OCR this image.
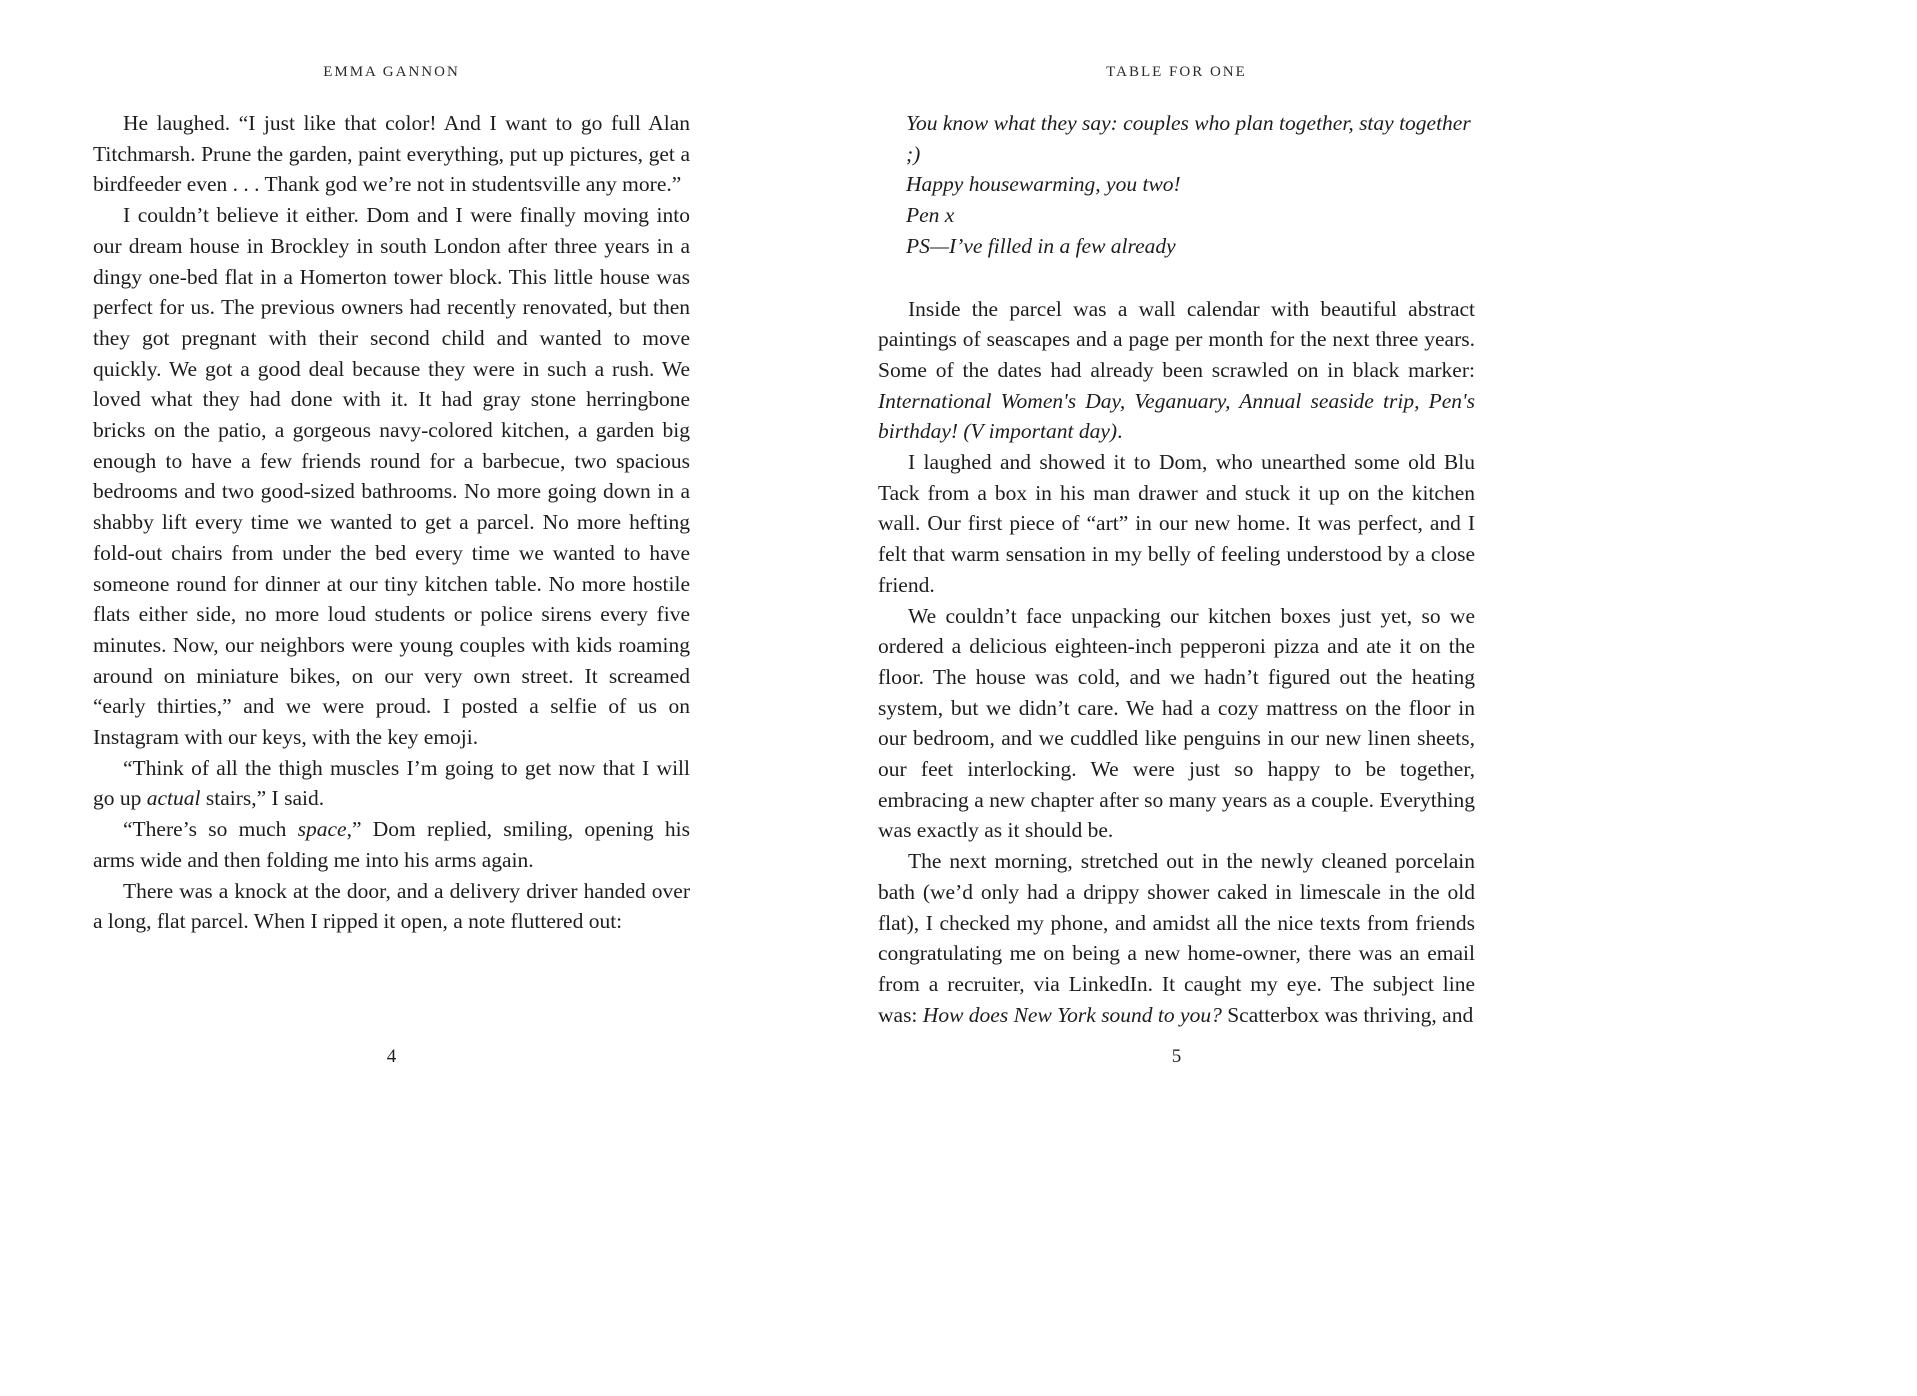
EMMA GANNON

He laughed. “I just like that color! And I want to go full Alan Titchmarsh. Prune the garden, paint everything, put up pictures, get a birdfeeder even . . . Thank god we’re not in studentsville any more.”

I couldn’t believe it either. Dom and I were finally moving into our dream house in Brockley in south London after three years in a dingy one-bed flat in a Homerton tower block. This little house was perfect for us. The previous owners had recently renovated, but then they got pregnant with their second child and wanted to move quickly. We got a good deal because they were in such a rush. We loved what they had done with it. It had gray stone herringbone bricks on the patio, a gorgeous navy-colored kitchen, a garden big enough to have a few friends round for a barbecue, two spacious bedrooms and two good-sized bathrooms. No more going down in a shabby lift every time we wanted to get a parcel. No more hefting fold-out chairs from under the bed every time we wanted to have someone round for dinner at our tiny kitchen table. No more hostile flats either side, no more loud students or police sirens every five minutes. Now, our neighbors were young couples with kids roaming around on miniature bikes, on our very own street. It screamed “early thirties,” and we were proud. I posted a selfie of us on Instagram with our keys, with the key emoji.

“Think of all the thigh muscles I’m going to get now that I will go up actual stairs,” I said.

“There’s so much space,” Dom replied, smiling, opening his arms wide and then folding me into his arms again.

There was a knock at the door, and a delivery driver handed over a long, flat parcel. When I ripped it open, a note fluttered out:

4
TABLE FOR ONE

You know what they say: couples who plan together, stay together ;)

Happy housewarming, you two!

Pen x

PS—I’ve filled in a few already

Inside the parcel was a wall calendar with beautiful abstract paintings of seascapes and a page per month for the next three years. Some of the dates had already been scrawled on in black marker: International Women's Day, Veganuary, Annual seaside trip, Pen's birthday! (V important day).

I laughed and showed it to Dom, who unearthed some old Blu Tack from a box in his man drawer and stuck it up on the kitchen wall. Our first piece of “art” in our new home. It was perfect, and I felt that warm sensation in my belly of feeling understood by a close friend.

We couldn’t face unpacking our kitchen boxes just yet, so we ordered a delicious eighteen-inch pepperoni pizza and ate it on the floor. The house was cold, and we hadn’t figured out the heating system, but we didn’t care. We had a cozy mattress on the floor in our bedroom, and we cuddled like penguins in our new linen sheets, our feet interlocking. We were just so happy to be together, embracing a new chapter after so many years as a couple. Everything was exactly as it should be.

The next morning, stretched out in the newly cleaned porcelain bath (we’d only had a drippy shower caked in limescale in the old flat), I checked my phone, and amidst all the nice texts from friends congratulating me on being a new home-owner, there was an email from a recruiter, via LinkedIn. It caught my eye. The subject line was: How does New York sound to you? Scatterbox was thriving, and

5
